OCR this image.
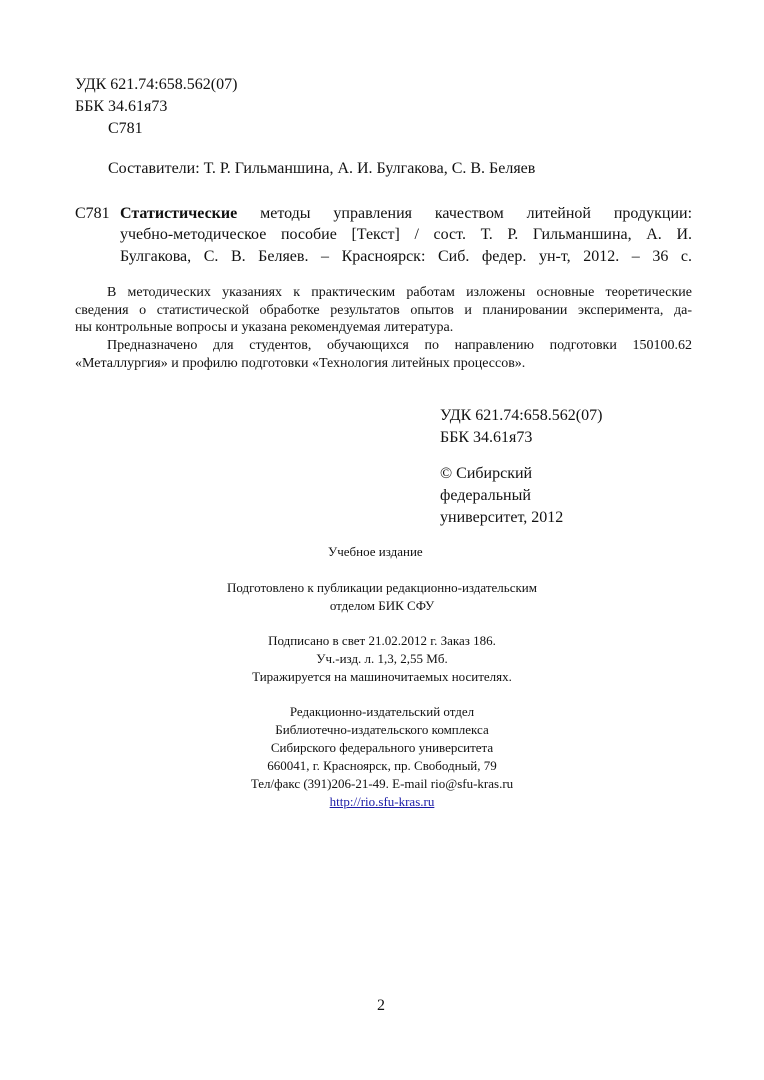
УДК 621.74:658.562(07)
ББК 34.61я73
С781
Составители: Т. Р. Гильманшина, А. И. Булгакова, С. В. Беляев
С781 Статистические методы управления качеством литейной продукции:
учебно-методическое пособие [Текст] / сост. Т. Р. Гильманшина, А. И.
Булгакова, С. В. Беляев. – Красноярск: Сиб. федер. ун-т, 2012. – 36 с.
В методических указаниях к практическим работам изложены основные теоретические
сведения о статистической обработке результатов опытов и планировании эксперимента, да-
ны контрольные вопросы и указана рекомендуемая литература.
Предназначено для студентов, обучающихся по направлению подготовки 150100.62
«Металлургия» и профилю подготовки «Технология литейных процессов».
УДК 621.74:658.562(07)
ББК 34.61я73
© Сибирский
федеральный
университет, 2012
Учебное издание
Подготовлено к публикации редакционно-издательским
отделом БИК СФУ
Подписано в свет 21.02.2012 г. Заказ 186.
Уч.-изд. л. 1,3, 2,55 Мб.
Тиражируется на машиночитаемых носителях.
Редакционно-издательский отдел
Библиотечно-издательского комплекса
Сибирского федерального университета
660041, г. Красноярск, пр. Свободный, 79
Тел/факс (391)206-21-49. E-mail rio@sfu-kras.ru
http://rio.sfu-kras.ru
2
